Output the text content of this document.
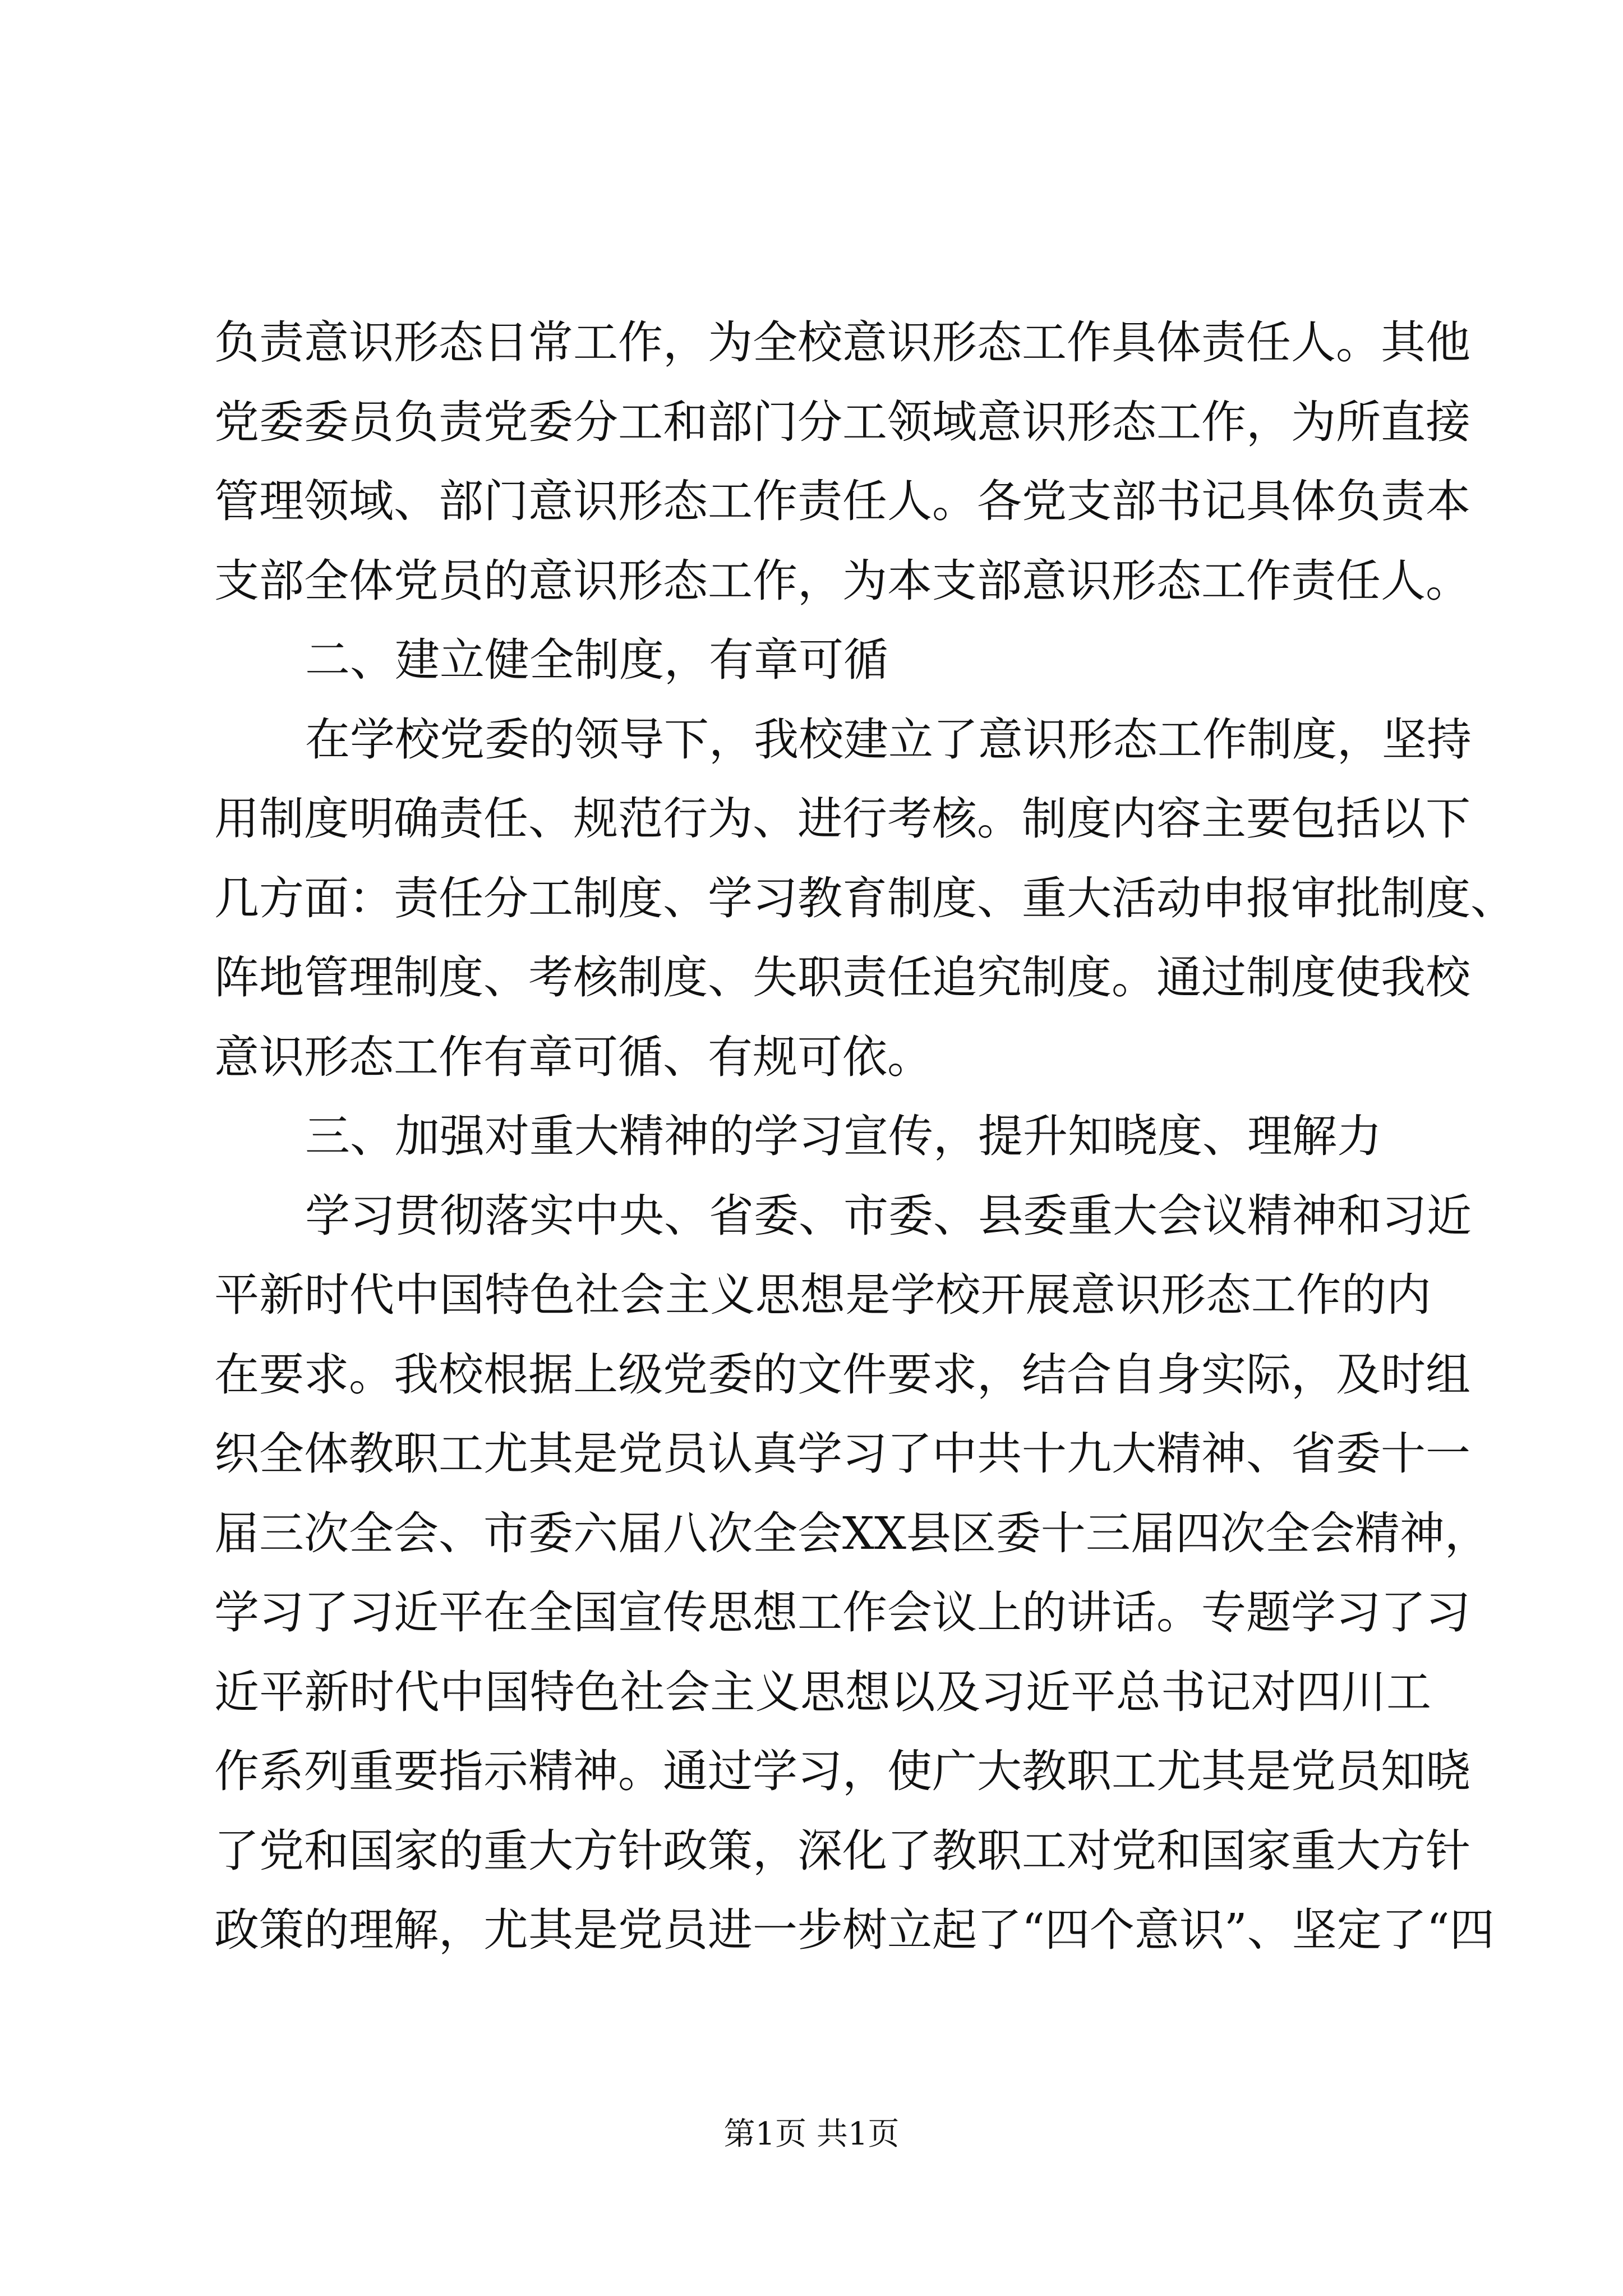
负责意识形态日常工作，为全校意识形态工作具体责任人。其他
党委委员负责党委分工和部门分工领域意识形态工作，为所直接
管理领域、部门意识形态工作责任人。各党支部书记具体负责本
支部全体党员的意识形态工作，为本支部意识形态工作责任人。
二、建立健全制度，有章可循
在学校党委的领导下，我校建立了意识形态工作制度，坚持
用制度明确责任、规范行为、进行考核。制度内容主要包括以下
几方面：责任分工制度、学习教育制度、重大活动申报审批制度、
阵地管理制度、考核制度、失职责任追究制度。通过制度使我校
意识形态工作有章可循、有规可依。
三、加强对重大精神的学习宣传，提升知晓度、理解力
学习贯彻落实中央、省委、市委、县委重大会议精神和习近
平新时代中国特色社会主义思想是学校开展意识形态工作的内
在要求。我校根据上级党委的文件要求，结合自身实际，及时组
织全体教职工尤其是党员认真学习了中共十九大精神、省委十一
届三次全会、市委六届八次全会XX县区委十三届四次全会精神，
学习了习近平在全国宣传思想工作会议上的讲话。专题学习了习
近平新时代中国特色社会主义思想以及习近平总书记对四川工
作系列重要指示精神。通过学习，使广大教职工尤其是党员知晓
了党和国家的重大方针政策，深化了教职工对党和国家重大方针
政策的理解，尤其是党员进一步树立起了“四个意识”、坚定了“四
第1页 共1页
